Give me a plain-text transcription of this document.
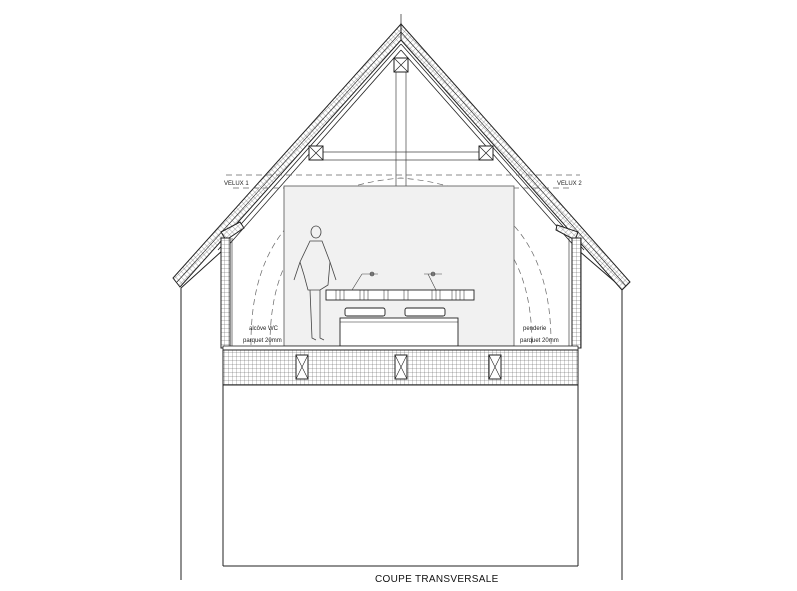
VELUX 1	VELUX 2
alcôve WC
parquet 20mm
penderie
parquet 20mm
COUPE TRANSVERSALE
